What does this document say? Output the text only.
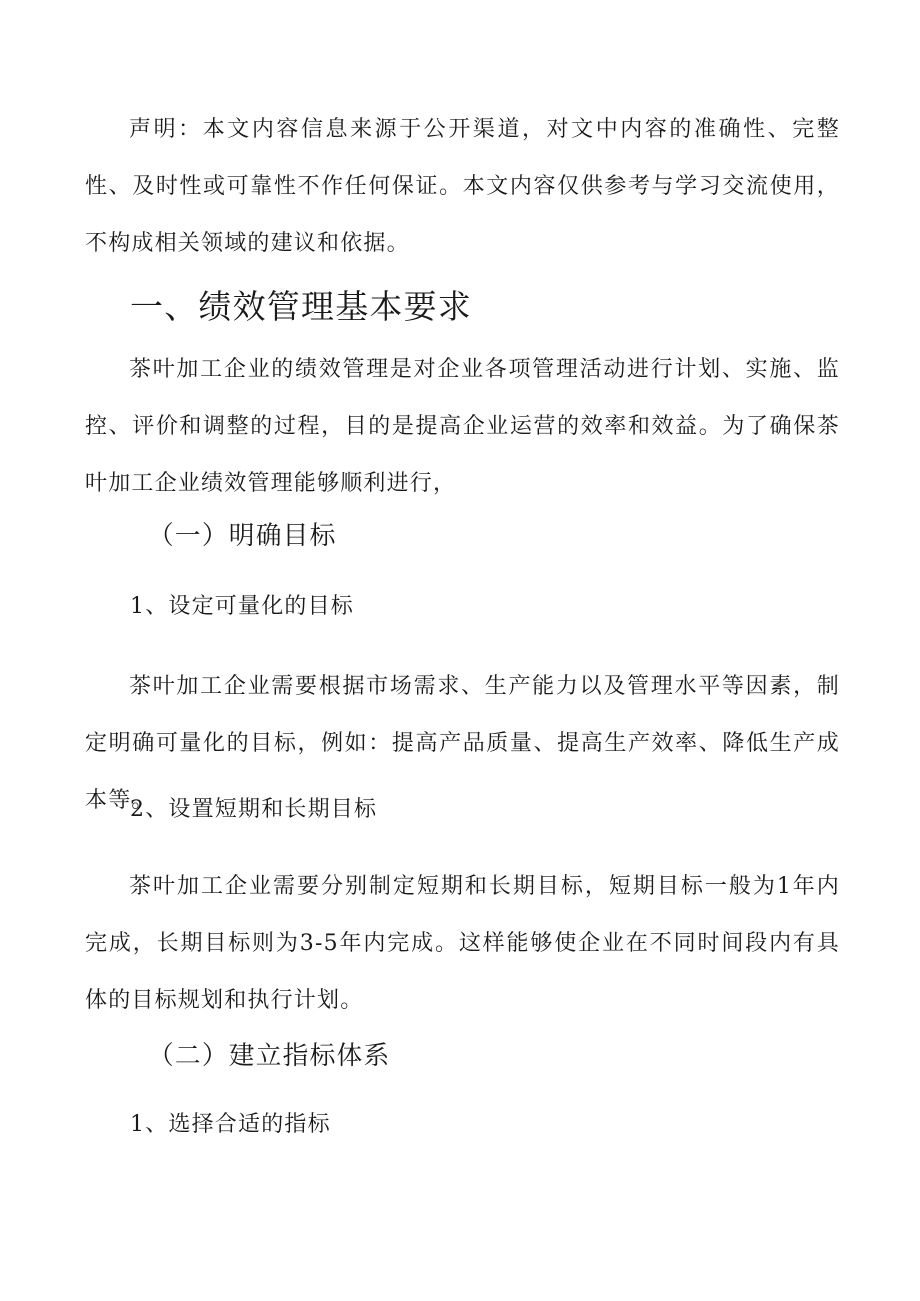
声明：本文内容信息来源于公开渠道，对文中内容的准确性、完整性、及时性或可靠性不作任何保证。本文内容仅供参考与学习交流使用，不构成相关领域的建议和依据。

一、绩效管理基本要求

茶叶加工企业的绩效管理是对企业各项管理活动进行计划、实施、监控、评价和调整的过程，目的是提高企业运营的效率和效益。为了确保茶叶加工企业绩效管理能够顺利进行，

（一）明确目标
1、设定可量化的目标

茶叶加工企业需要根据市场需求、生产能力以及管理水平等因素，制定明确可量化的目标，例如：提高产品质量、提高生产效率、降低生产成本等。

2、设置短期和长期目标

茶叶加工企业需要分别制定短期和长期目标，短期目标一般为1年内完成，长期目标则为3-5年内完成。这样能够使企业在不同时间段内有具体的目标规划和执行计划。

（二）建立指标体系
1、选择合适的指标
